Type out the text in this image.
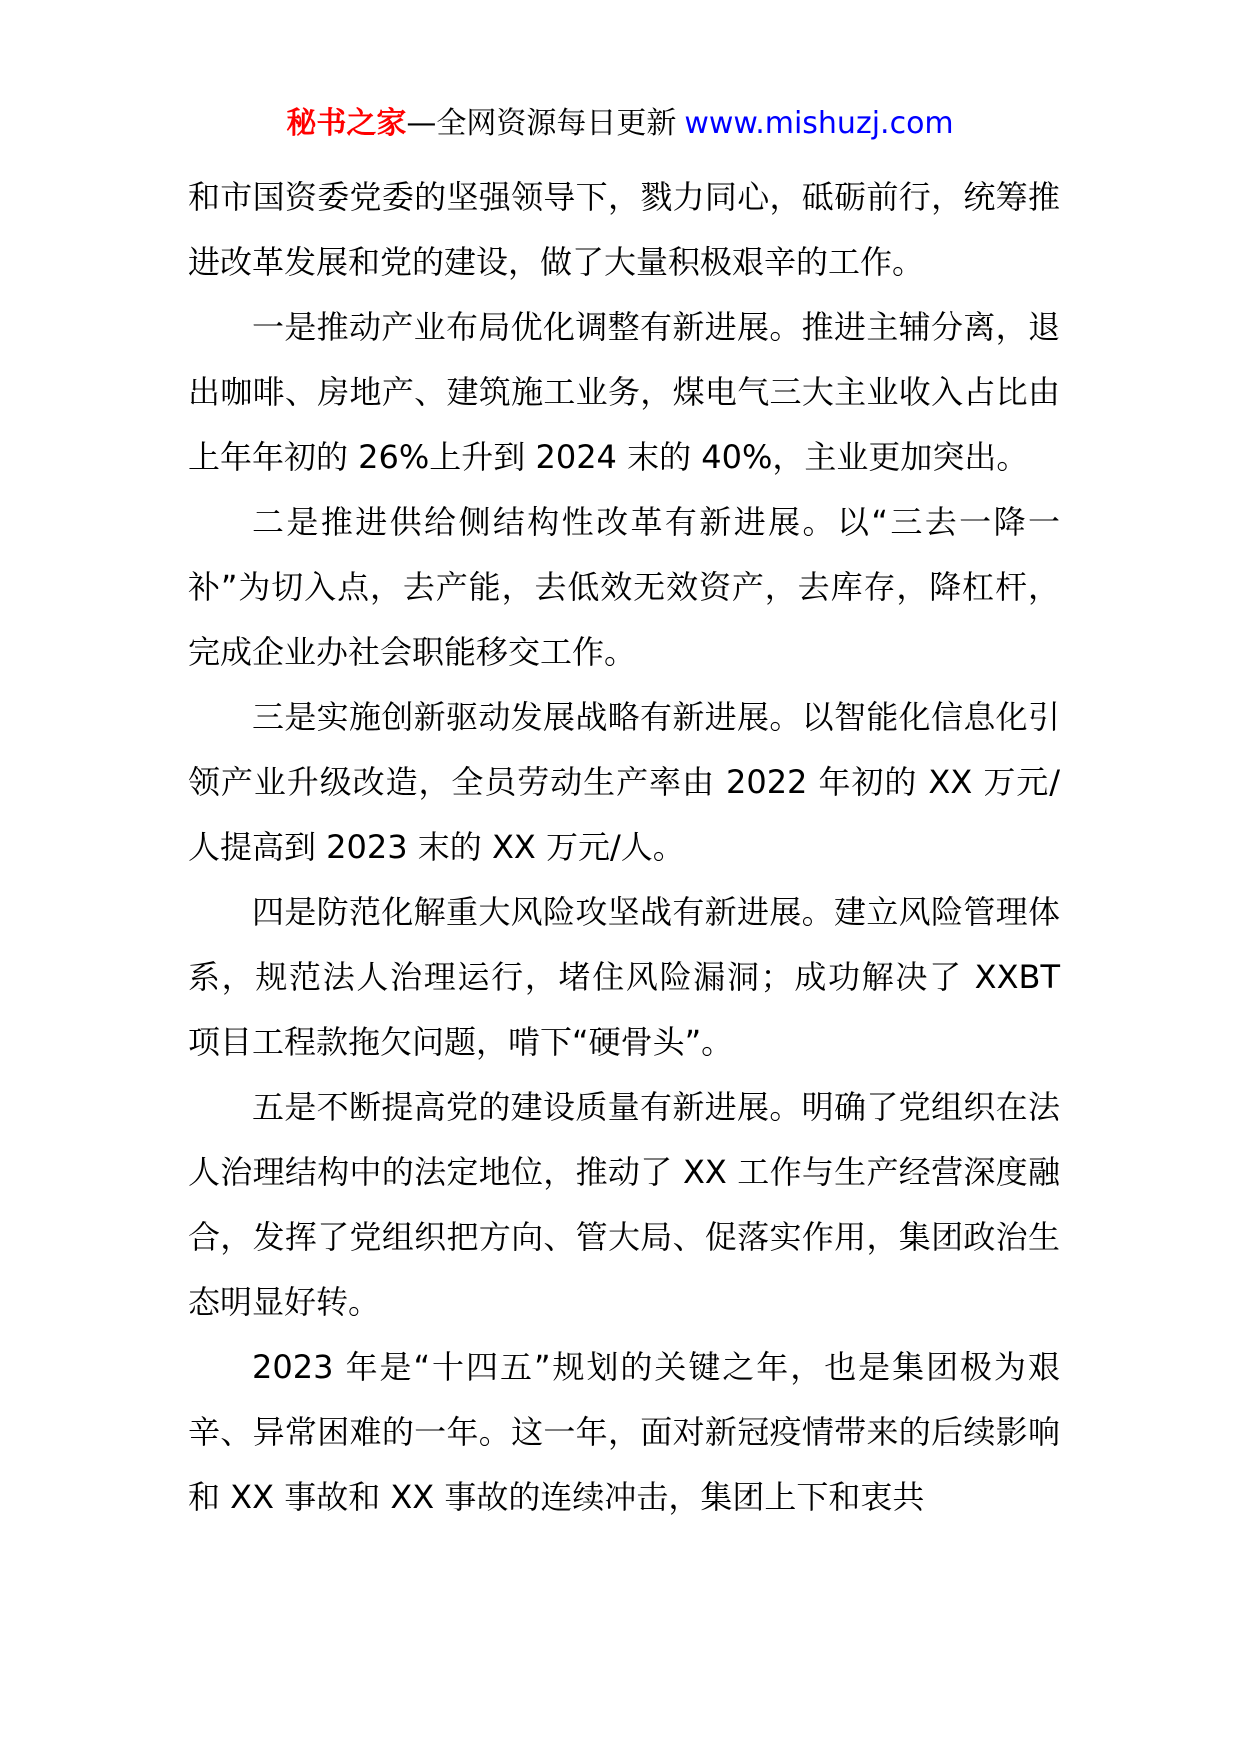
秘书之家—全网资源每日更新 www.mishuzj.com

和市国资委党委的坚强领导下，戮力同心，砥砺前行，统筹推进改革发展和党的建设，做了大量积极艰辛的工作。

一是推动产业布局优化调整有新进展。推进主辅分离，退出咖啡、房地产、建筑施工业务，煤电气三大主业收入占比由上年年初的 26%上升到 2024 末的 40%，主业更加突出。

二是推进供给侧结构性改革有新进展。以“三去一降一补”为切入点，去产能，去低效无效资产，去库存，降杠杆，完成企业办社会职能移交工作。

三是实施创新驱动发展战略有新进展。以智能化信息化引领产业升级改造，全员劳动生产率由 2022 年初的 XX 万元/人提高到 2023 末的 XX 万元/人。

四是防范化解重大风险攻坚战有新进展。建立风险管理体系，规范法人治理运行，堵住风险漏洞；成功解决了 XXBT 项目工程款拖欠问题，啃下“硬骨头”。

五是不断提高党的建设质量有新进展。明确了党组织在法人治理结构中的法定地位，推动了 XX 工作与生产经营深度融合，发挥了党组织把方向、管大局、促落实作用，集团政治生态明显好转。

2023 年是“十四五”规划的关键之年，也是集团极为艰辛、异常困难的一年。这一年，面对新冠疫情带来的后续影响和 XX 事故和 XX 事故的连续冲击，集团上下和衷共
